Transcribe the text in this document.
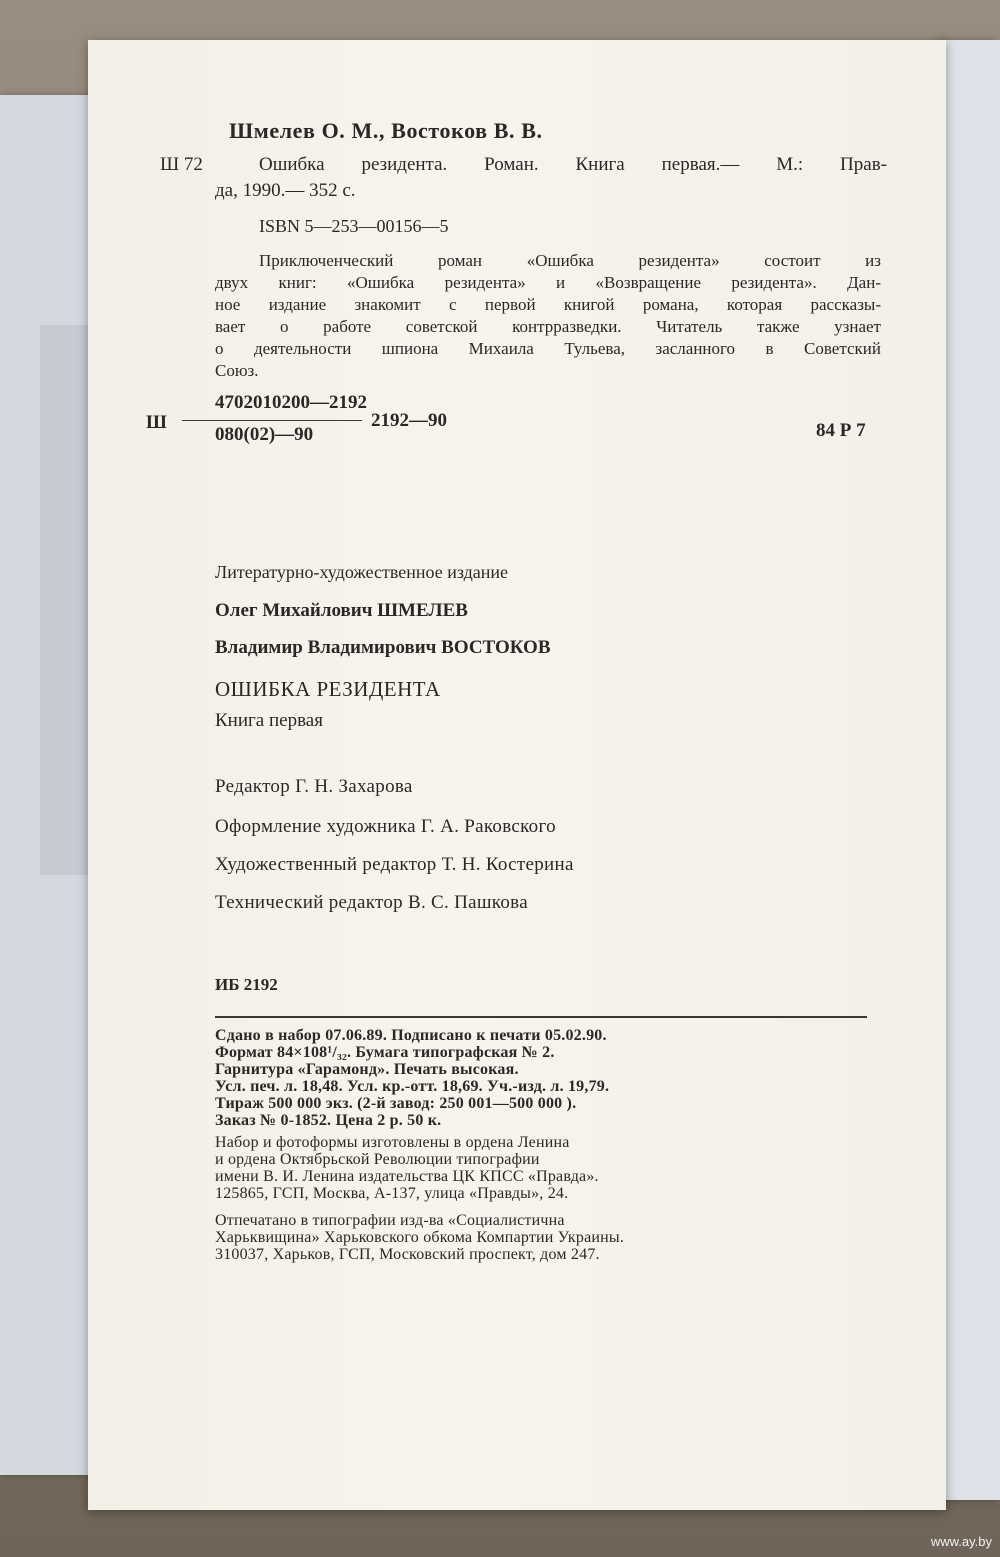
Шмелев О. М., Востоков В. В.

Ш 72	Ошибка резидента. Роман. Книга первая.— М.: Прав-

да, 1990.— 352 с.

ISBN 5—253—00156—5

Приключенческий роман «Ошибка резидента» состоит из

двух книг: «Ошибка резидента» и «Возвращение резидента». Дан-

ное издание знакомит с первой книгой романа, которая рассказы-

вает о работе советской контрразведки. Читатель также узнает

о деятельности шпиона Михаила Тульева, засланного в Советский

Союз.

Ш

4702010200—2192

080(02)—90

2192—90	84 Р 7

Литературно-художественное издание

Олег Михайлович ШМЕЛЕВ

Владимир Владимирович ВОСТОКОВ

ОШИБКА РЕЗИДЕНТА

Книга первая

Редактор Г. Н. Захарова

Оформление художника Г. А. Раковского

Художественный редактор Т. Н. Костерина

Технический редактор В. С. Пашкова

ИБ 2192

Сдано в набор 07.06.89. Подписано к печати 05.02.90.
Формат 84×108¹/₃₂. Бумага типографская № 2.
Гарнитура «Гарамонд». Печать высокая.
Усл. печ. л. 18,48. Усл. кр.-отт. 18,69. Уч.-изд. л. 19,79.
Тираж 500 000 экз. (2-й завод: 250 001—500 000 ).
Заказ № 0-1852. Цена 2 р. 50 к.
Набор и фотоформы изготовлены в ордена Ленина
и ордена Октябрьской Революции типографии
имени В. И. Ленина издательства ЦК КПСС «Правда».
125865, ГСП, Москва, А-137, улица «Правды», 24.
Отпечатано в типографии изд-ва «Социалистична
Харьквищина» Харьковского обкома Компартии Украины.
310037, Харьков, ГСП, Московский проспект, дом 247.
www.ay.by
